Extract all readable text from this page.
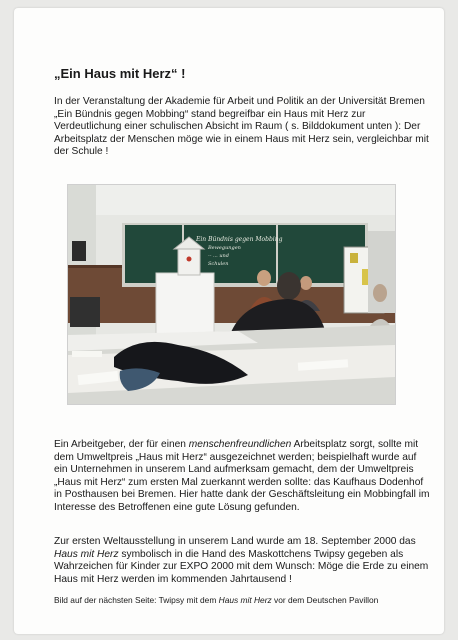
„Ein Haus mit Herz“ !

In der Veranstaltung der Akademie für Arbeit und Politik an der Universität Bremen „Ein Bündnis gegen Mobbing“ stand begreifbar ein Haus mit Herz zur Verdeutlichung einer schulischen Absicht im Raum ( s. Bilddokument unten ): Der Arbeitsplatz der Menschen möge wie in einem Haus mit Herz sein, vergleichbar mit der Schule !

Ein Bündnis gegen Mobbing
Bewegungen
-- ... und
Schulen

Ein Arbeitgeber, der für einen menschenfreundlichen Arbeitsplatz sorgt, sollte mit dem Umweltpreis „Haus mit Herz“ ausgezeichnet werden; beispielhaft wurde auf ein Unternehmen in unserem Land aufmerksam gemacht, dem der Umweltpreis „Haus mit Herz“ zum ersten Mal zuerkannt werden sollte: das Kaufhaus Dodenhof in Posthausen bei Bremen. Hier hatte dank der Geschäftsleitung ein Mobbingfall im Interesse des Betroffenen eine gute Lösung gefunden.

Zur ersten Weltausstellung in unserem Land wurde am 18. September 2000 das Haus mit Herz symbolisch in die Hand des Maskottchens Twipsy gegeben als Wahrzeichen für Kinder zur EXPO 2000 mit dem Wunsch: Möge die Erde zu einem Haus mit Herz werden im kommenden Jahrtausend !

Bild auf der nächsten Seite: Twipsy mit dem Haus mit Herz vor dem Deutschen Pavillon
